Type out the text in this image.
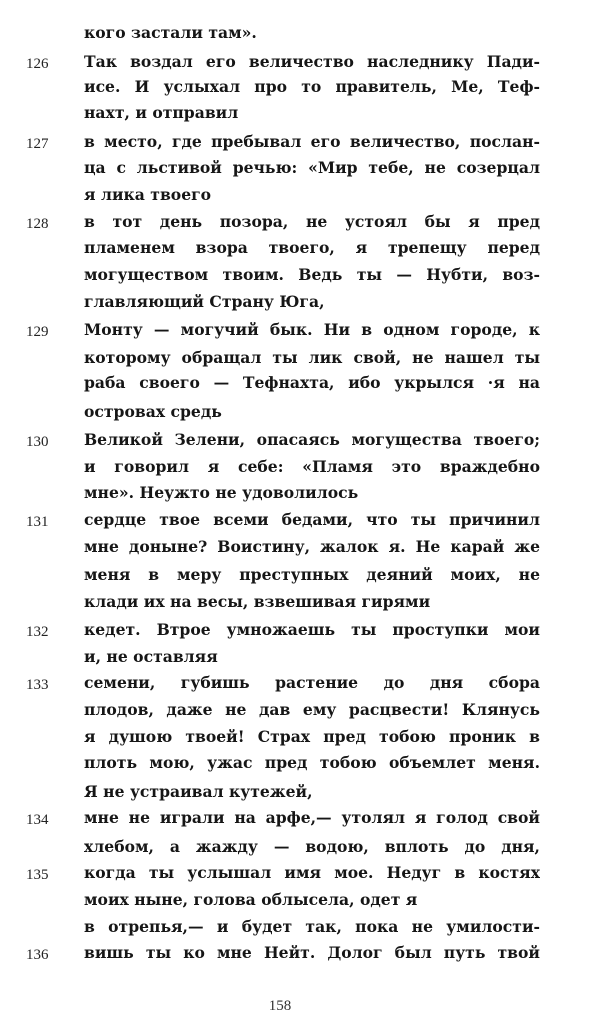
кого застали там».
Так воздал его величество наследнику Пади-
126
исе. И услыхал про то правитель, Ме, Теф-
нахт, и отправил
в место, где пребывал его величество, послан-
127
ца с льстивой речью: «Мир тебе, не созерцал
я лика твоего
в тот день позора, не устоял бы я пред
128
пламенем взора твоего, я трепещу перед
могуществом твоим. Ведь ты — Нубти, воз-
главляющий Страну Юга,
Монту — могучий бык. Ни в одном городе, к
129
которому обращал ты лик свой, не нашел ты
раба своего — Тефнахта, ибо укрылся ·я на
островах средь
Великой Зелени, опасаясь могущества твоего;
130
и говорил я себе: «Пламя это враждебно
мне». Неужто не удоволилось
сердце твое всеми бедами, что ты причинил
131
мне доныне? Воистину, жалок я. Не карай же
меня в меру преступных деяний моих, не
клади их на весы, взвешивая гирями
кедет. Втрое умножаешь ты проступки мои
132
и, не оставляя
семени, губишь растение до дня сбора
133
плодов, даже не дав ему расцвести! Клянусь
я душою твоей! Страх пред тобою проник в
плоть мою, ужас пред тобою объемлет меня.
Я не устраивал кутежей,
мне не играли на арфе,— утолял я голод свой
134
хлебом, а жажду — водою, вплоть до дня,
когда ты услышал имя мое. Недуг в костях
135
моих ныне, голова облысела, одет я
в отрепья,— и будет так, пока не умилости-
вишь ты ко мне Нейт. Долог был путь твой
136
158
